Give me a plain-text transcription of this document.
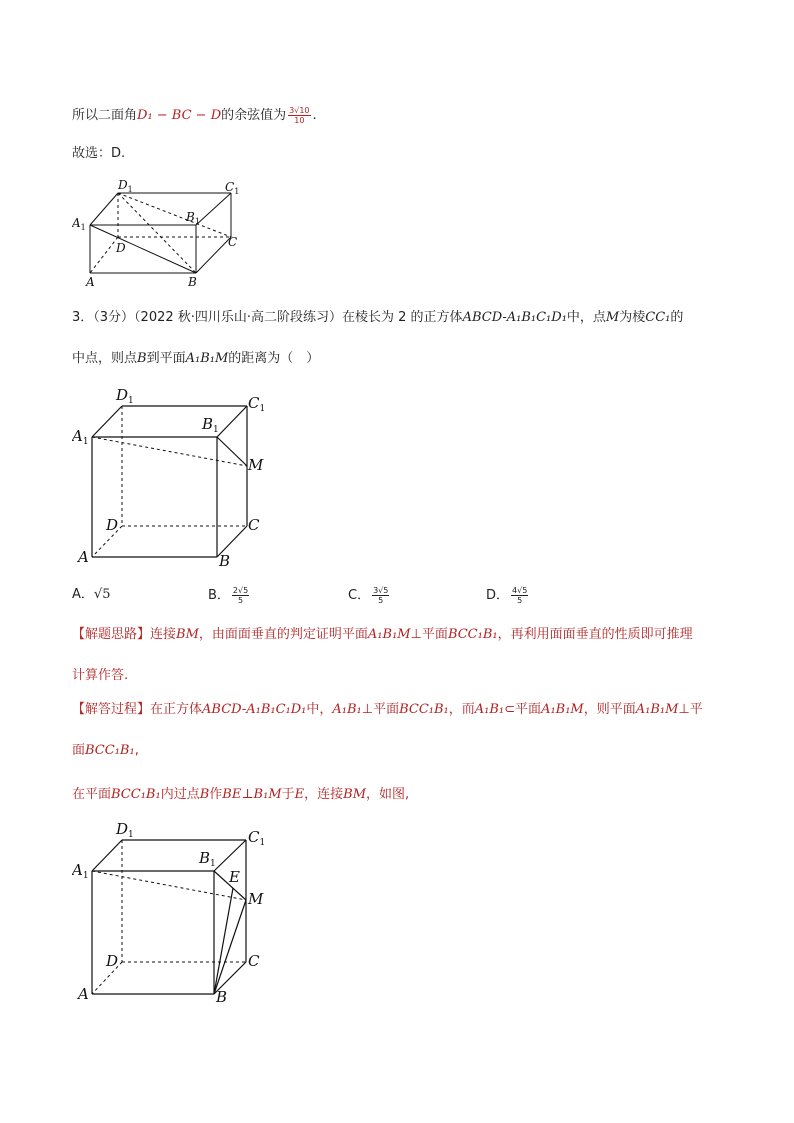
所以二面角D₁ − BC − D的余弦值为 $\frac{3√10}{10}$ .
故选：D.
$D_1$	$C_1$
$A_1$
$B_1$
D	C
A	B
3．（3分）（2022 秋·四川乐山·高二阶段练习）在棱长为 2 的正方体ABCD-A₁B₁C₁D₁中，点M为棱CC₁的
中点，则点B到平面A₁B₁M的距离为（　）
$D_1$	$C_1$
$A_1$
$B_1$
M
D	C
A	B
A．√5	B． $\frac{2√5}{5}$	C． $\frac{3√5}{5}$	D． $\frac{4√5}{5}$
【解题思路】连接BM，由面面垂直的判定证明平面A₁B₁M⊥平面BCC₁B₁，再利用面面垂直的性质即可推理
计算作答.
【解答过程】在正方体ABCD-A₁B₁C₁D₁中，A₁B₁⊥平面BCC₁B₁，而A₁B₁⊂平面A₁B₁M，则平面A₁B₁M⊥平
面BCC₁B₁,
在平面BCC₁B₁内过点B作BE⊥B₁M于E，连接BM，如图,
$D_1$	$C_1$
$A_1$
$B_1$
E
M
D	C
A	B
